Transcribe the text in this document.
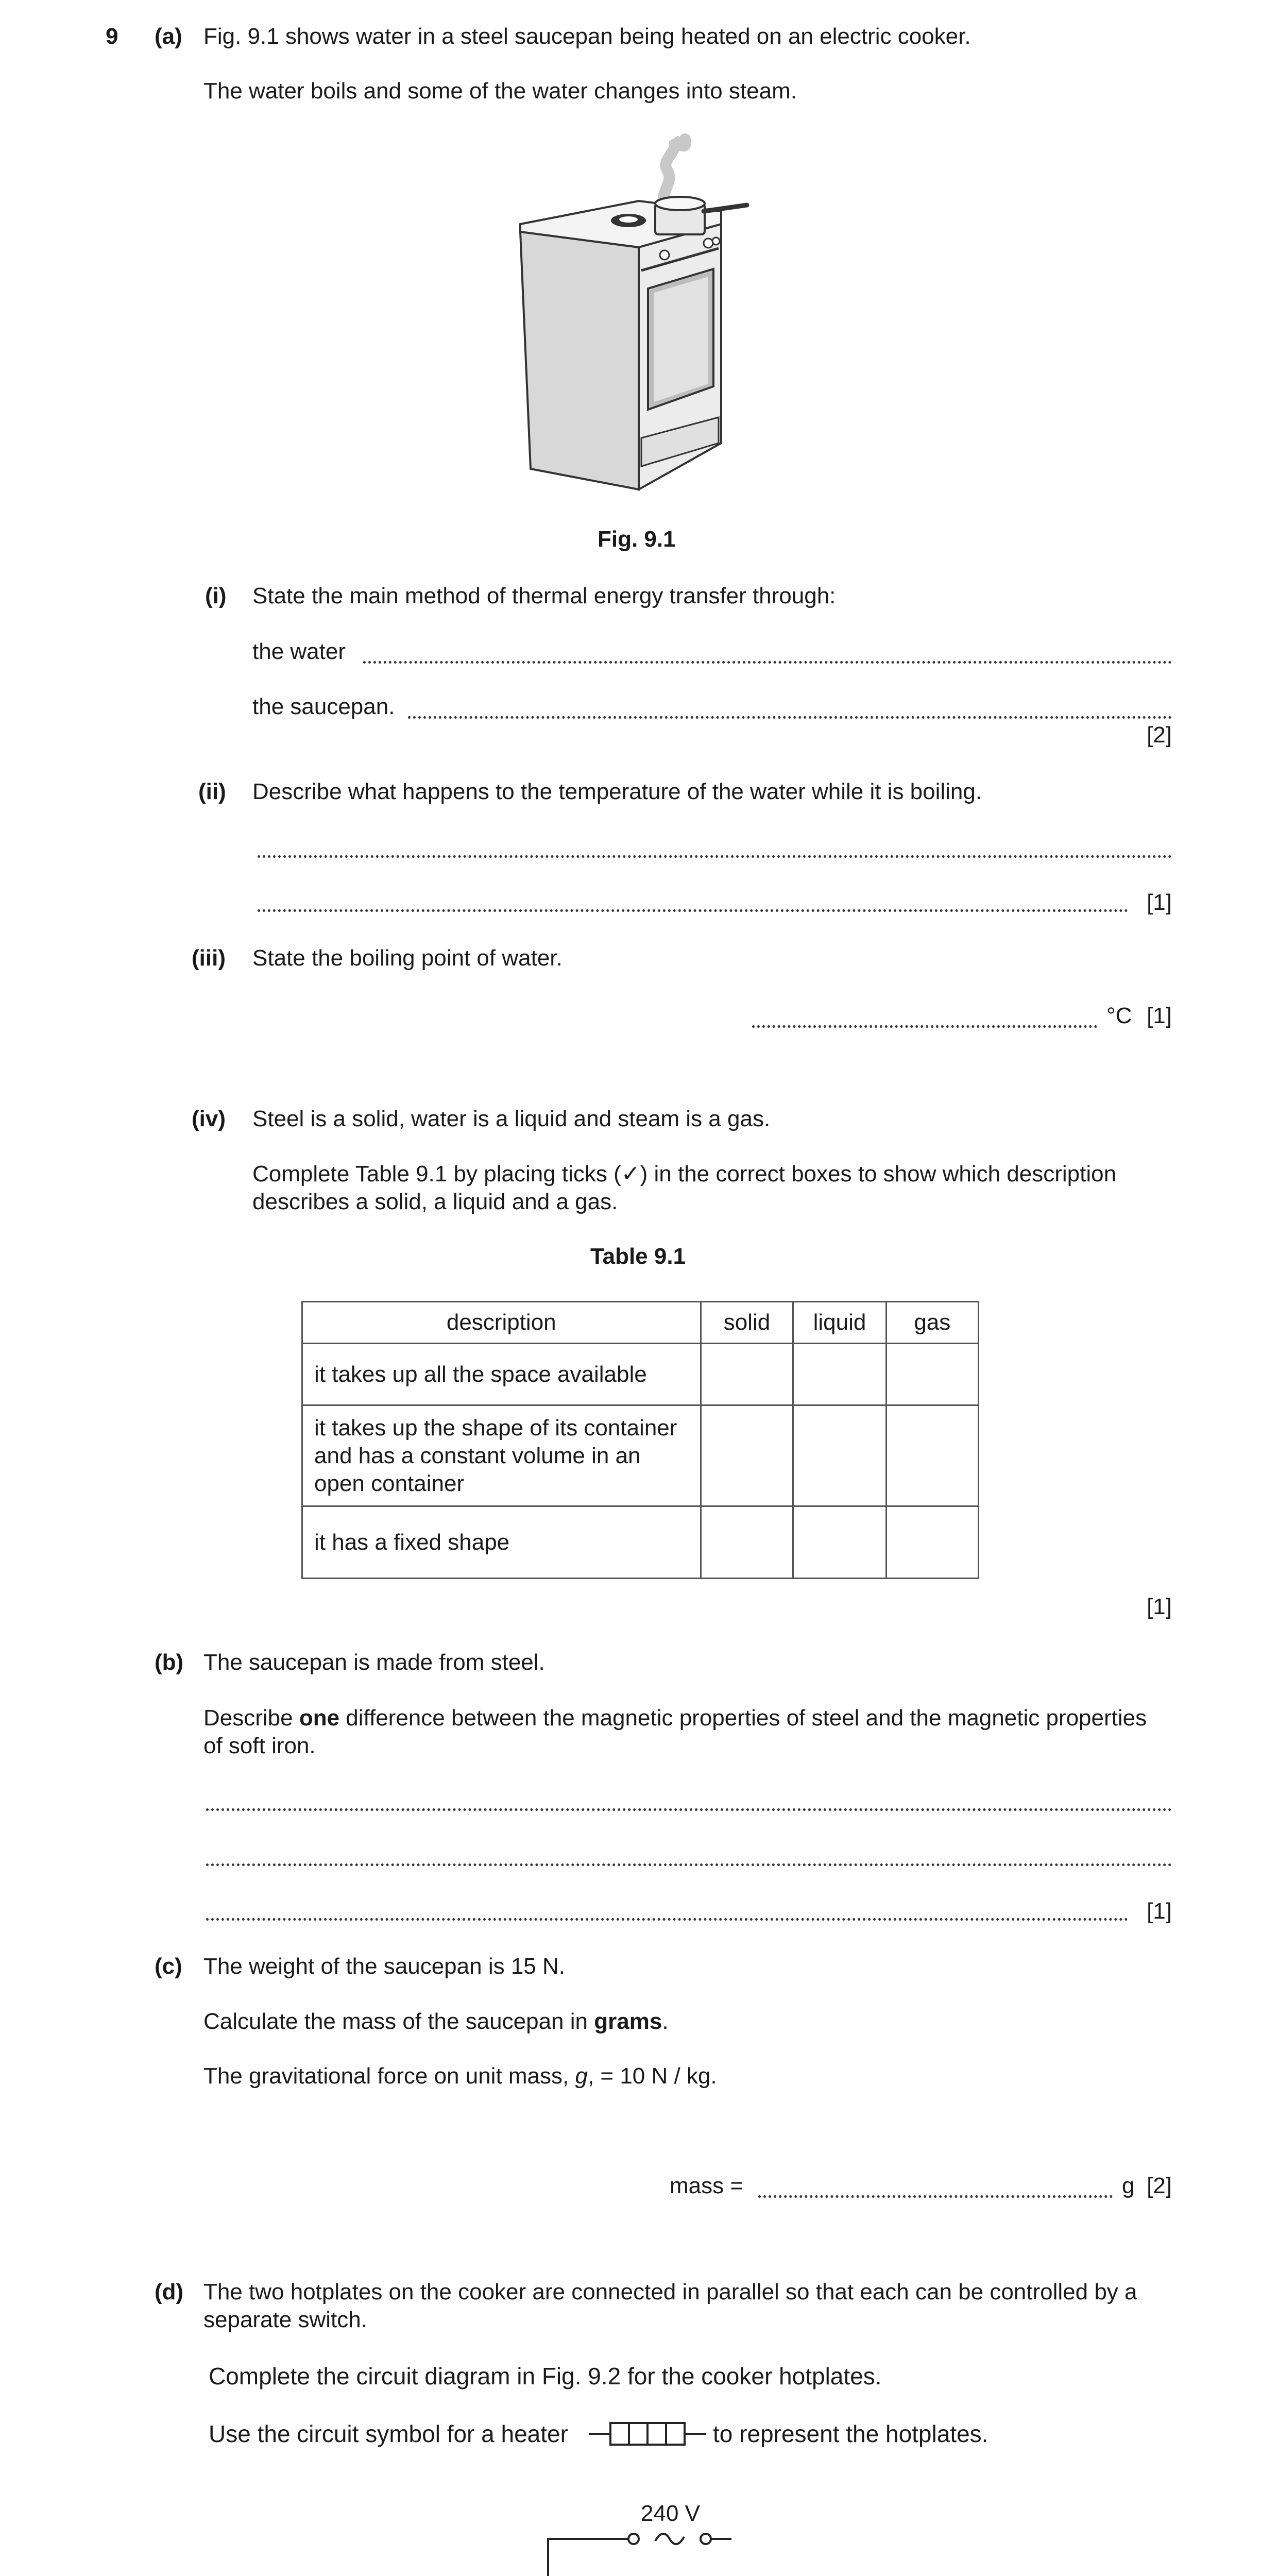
9 (a) Fig. 9.1 shows water in a steel saucepan being heated on an electric cooker.
The water boils and some of the water changes into steam.
Fig. 9.1
(i) State the main method of thermal energy transfer through:
the water
the saucepan.
[2]
(ii) Describe what happens to the temperature of the water while it is boiling.
[1]
(iii) State the boiling point of water.
°C [1]
(iv) Steel is a solid, water is a liquid and steam is a gas.
Complete Table 9.1 by placing ticks (✓) in the correct boxes to show which description
describes a solid, a liquid and a gas.
Table 9.1
description	solid	liquid	gas
it takes up all the space available			
it takes up the shape of its container and has a constant volume in an open container			
it has a fixed shape			
[1]
(b) The saucepan is made from steel.
Describe one difference between the magnetic properties of steel and the magnetic properties
of soft iron.
[1]
(c) The weight of the saucepan is 15 N.
Calculate the mass of the saucepan in grams.
The gravitational force on unit mass, g, = 10 N / kg.
mass =	g [2]
(d) The two hotplates on the cooker are connected in parallel so that each can be controlled by a
separate switch.
Complete the circuit diagram in Fig. 9.2 for the cooker hotplates.
Use the circuit symbol for a heater	to represent the hotplates.
240 V
